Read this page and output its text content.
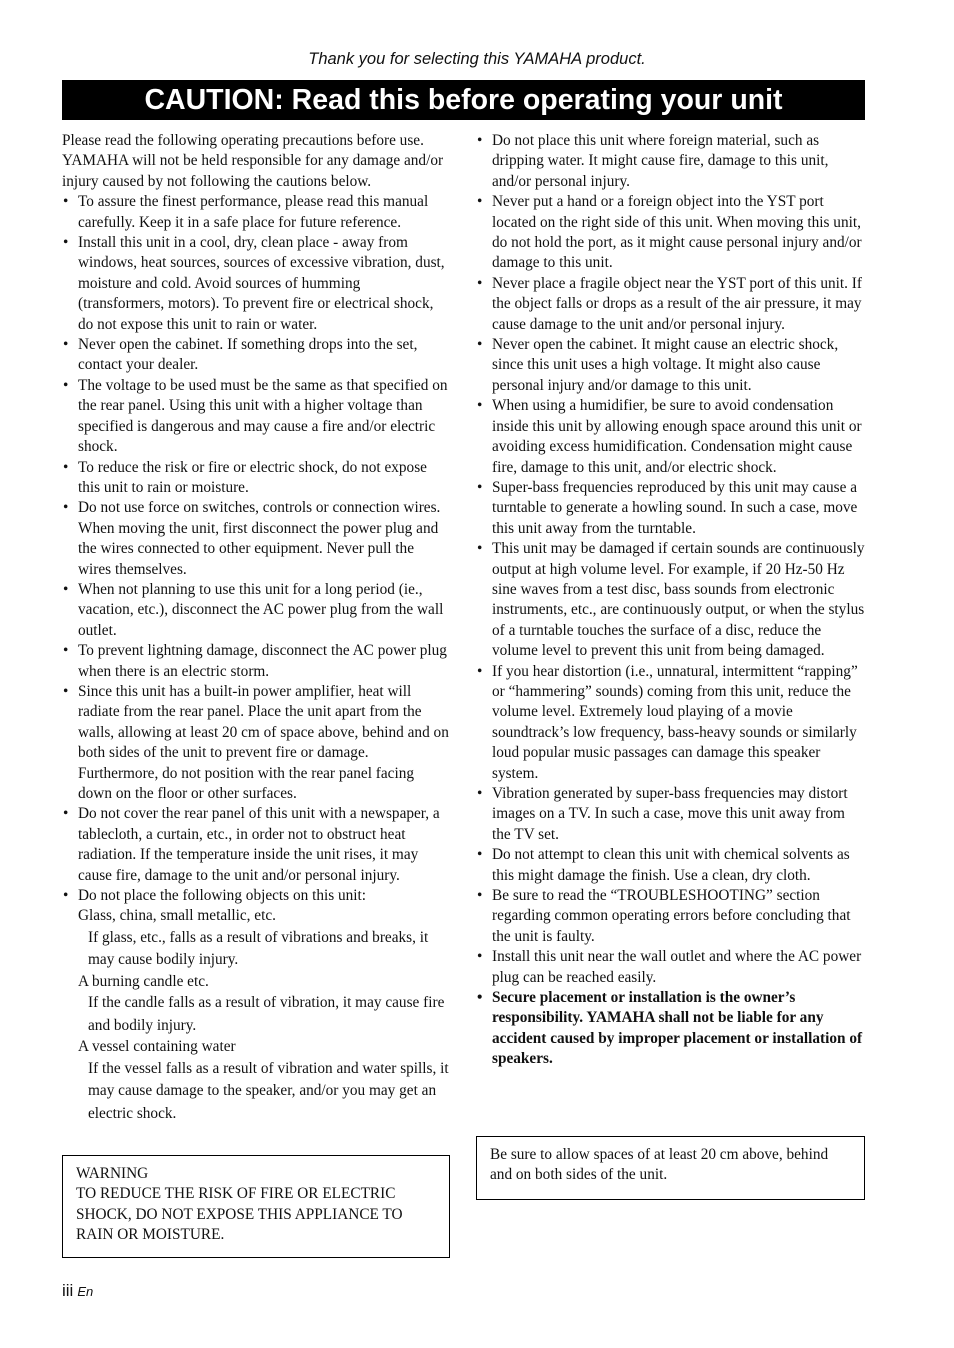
Thank you for selecting this YAMAHA product.
CAUTION: Read this before operating your unit

Please read the following operating precautions before use. YAMAHA will not be held responsible for any damage and/or injury caused by not following the cautions below.

• To assure the finest performance, please read this manual carefully. Keep it in a safe place for future reference.
• Install this unit in a cool, dry, clean place - away from windows, heat sources, sources of excessive vibration, dust, moisture and cold. Avoid sources of humming (transformers, motors). To prevent fire or electrical shock, do not expose this unit to rain or water.
• Never open the cabinet. If something drops into the set, contact your dealer.
• The voltage to be used must be the same as that specified on the rear panel. Using this unit with a higher voltage than specified is dangerous and may cause a fire and/or electric shock.
• To reduce the risk or fire or electric shock, do not expose this unit to rain or moisture.
• Do not use force on switches, controls or connection wires. When moving the unit, first disconnect the power plug and the wires connected to other equipment. Never pull the wires themselves.
• When not planning to use this unit for a long period (ie., vacation, etc.), disconnect the AC power plug from the wall outlet.
• To prevent lightning damage, disconnect the AC power plug when there is an electric storm.
• Since this unit has a built-in power amplifier, heat will radiate from the rear panel. Place the unit apart from the walls, allowing at least 20 cm of space above, behind and on both sides of the unit to prevent fire or damage. Furthermore, do not position with the rear panel facing down on the floor or other surfaces.
• Do not cover the rear panel of this unit with a newspaper, a tablecloth, a curtain, etc., in order not to obstruct heat radiation. If the temperature inside the unit rises, it may cause fire, damage to the unit and/or personal injury.
• Do not place the following objects on this unit:
Glass, china, small metallic, etc.
If glass, etc., falls as a result of vibrations and breaks, it may cause bodily injury.
A burning candle etc.
If the candle falls as a result of vibration, it may cause fire and bodily injury.
A vessel containing water
If the vessel falls as a result of vibration and water spills, it may cause damage to the speaker, and/or you may get an electric shock.
• Do not place this unit where foreign material, such as dripping water. It might cause fire, damage to this unit, and/or personal injury.
• Never put a hand or a foreign object into the YST port located on the right side of this unit. When moving this unit, do not hold the port, as it might cause personal injury and/or damage to this unit.
• Never place a fragile object near the YST port of this unit. If the object falls or drops as a result of the air pressure, it may cause damage to the unit and/or personal injury.
• Never open the cabinet. It might cause an electric shock, since this unit uses a high voltage. It might also cause personal injury and/or damage to this unit.
• When using a humidifier, be sure to avoid condensation inside this unit by allowing enough space around this unit or avoiding excess humidification. Condensation might cause fire, damage to this unit, and/or electric shock.
• Super-bass frequencies reproduced by this unit may cause a turntable to generate a howling sound. In such a case, move this unit away from the turntable.
• This unit may be damaged if certain sounds are continuously output at high volume level. For example, if 20 Hz-50 Hz sine waves from a test disc, bass sounds from electronic instruments, etc., are continuously output, or when the stylus of a turntable touches the surface of a disc, reduce the volume level to prevent this unit from being damaged.
• If you hear distortion (i.e., unnatural, intermittent “rapping” or “hammering” sounds) coming from this unit, reduce the volume level. Extremely loud playing of a movie soundtrack’s low frequency, bass-heavy sounds or similarly loud popular music passages can damage this speaker system.
• Vibration generated by super-bass frequencies may distort images on a TV. In such a case, move this unit away from the TV set.
• Do not attempt to clean this unit with chemical solvents as this might damage the finish. Use a clean, dry cloth.
• Be sure to read the “TROUBLESHOOTING” section regarding common operating errors before concluding that the unit is faulty.
• Install this unit near the wall outlet and where the AC power plug can be reached easily.
• Secure placement or installation is the owner’s responsibility. YAMAHA shall not be liable for any accident caused by improper placement or installation of speakers.
WARNING
TO REDUCE THE RISK OF FIRE OR ELECTRIC SHOCK, DO NOT EXPOSE THIS APPLIANCE TO RAIN OR MOISTURE.
Be sure to allow spaces of at least 20 cm above, behind and on both sides of the unit.
iii En
